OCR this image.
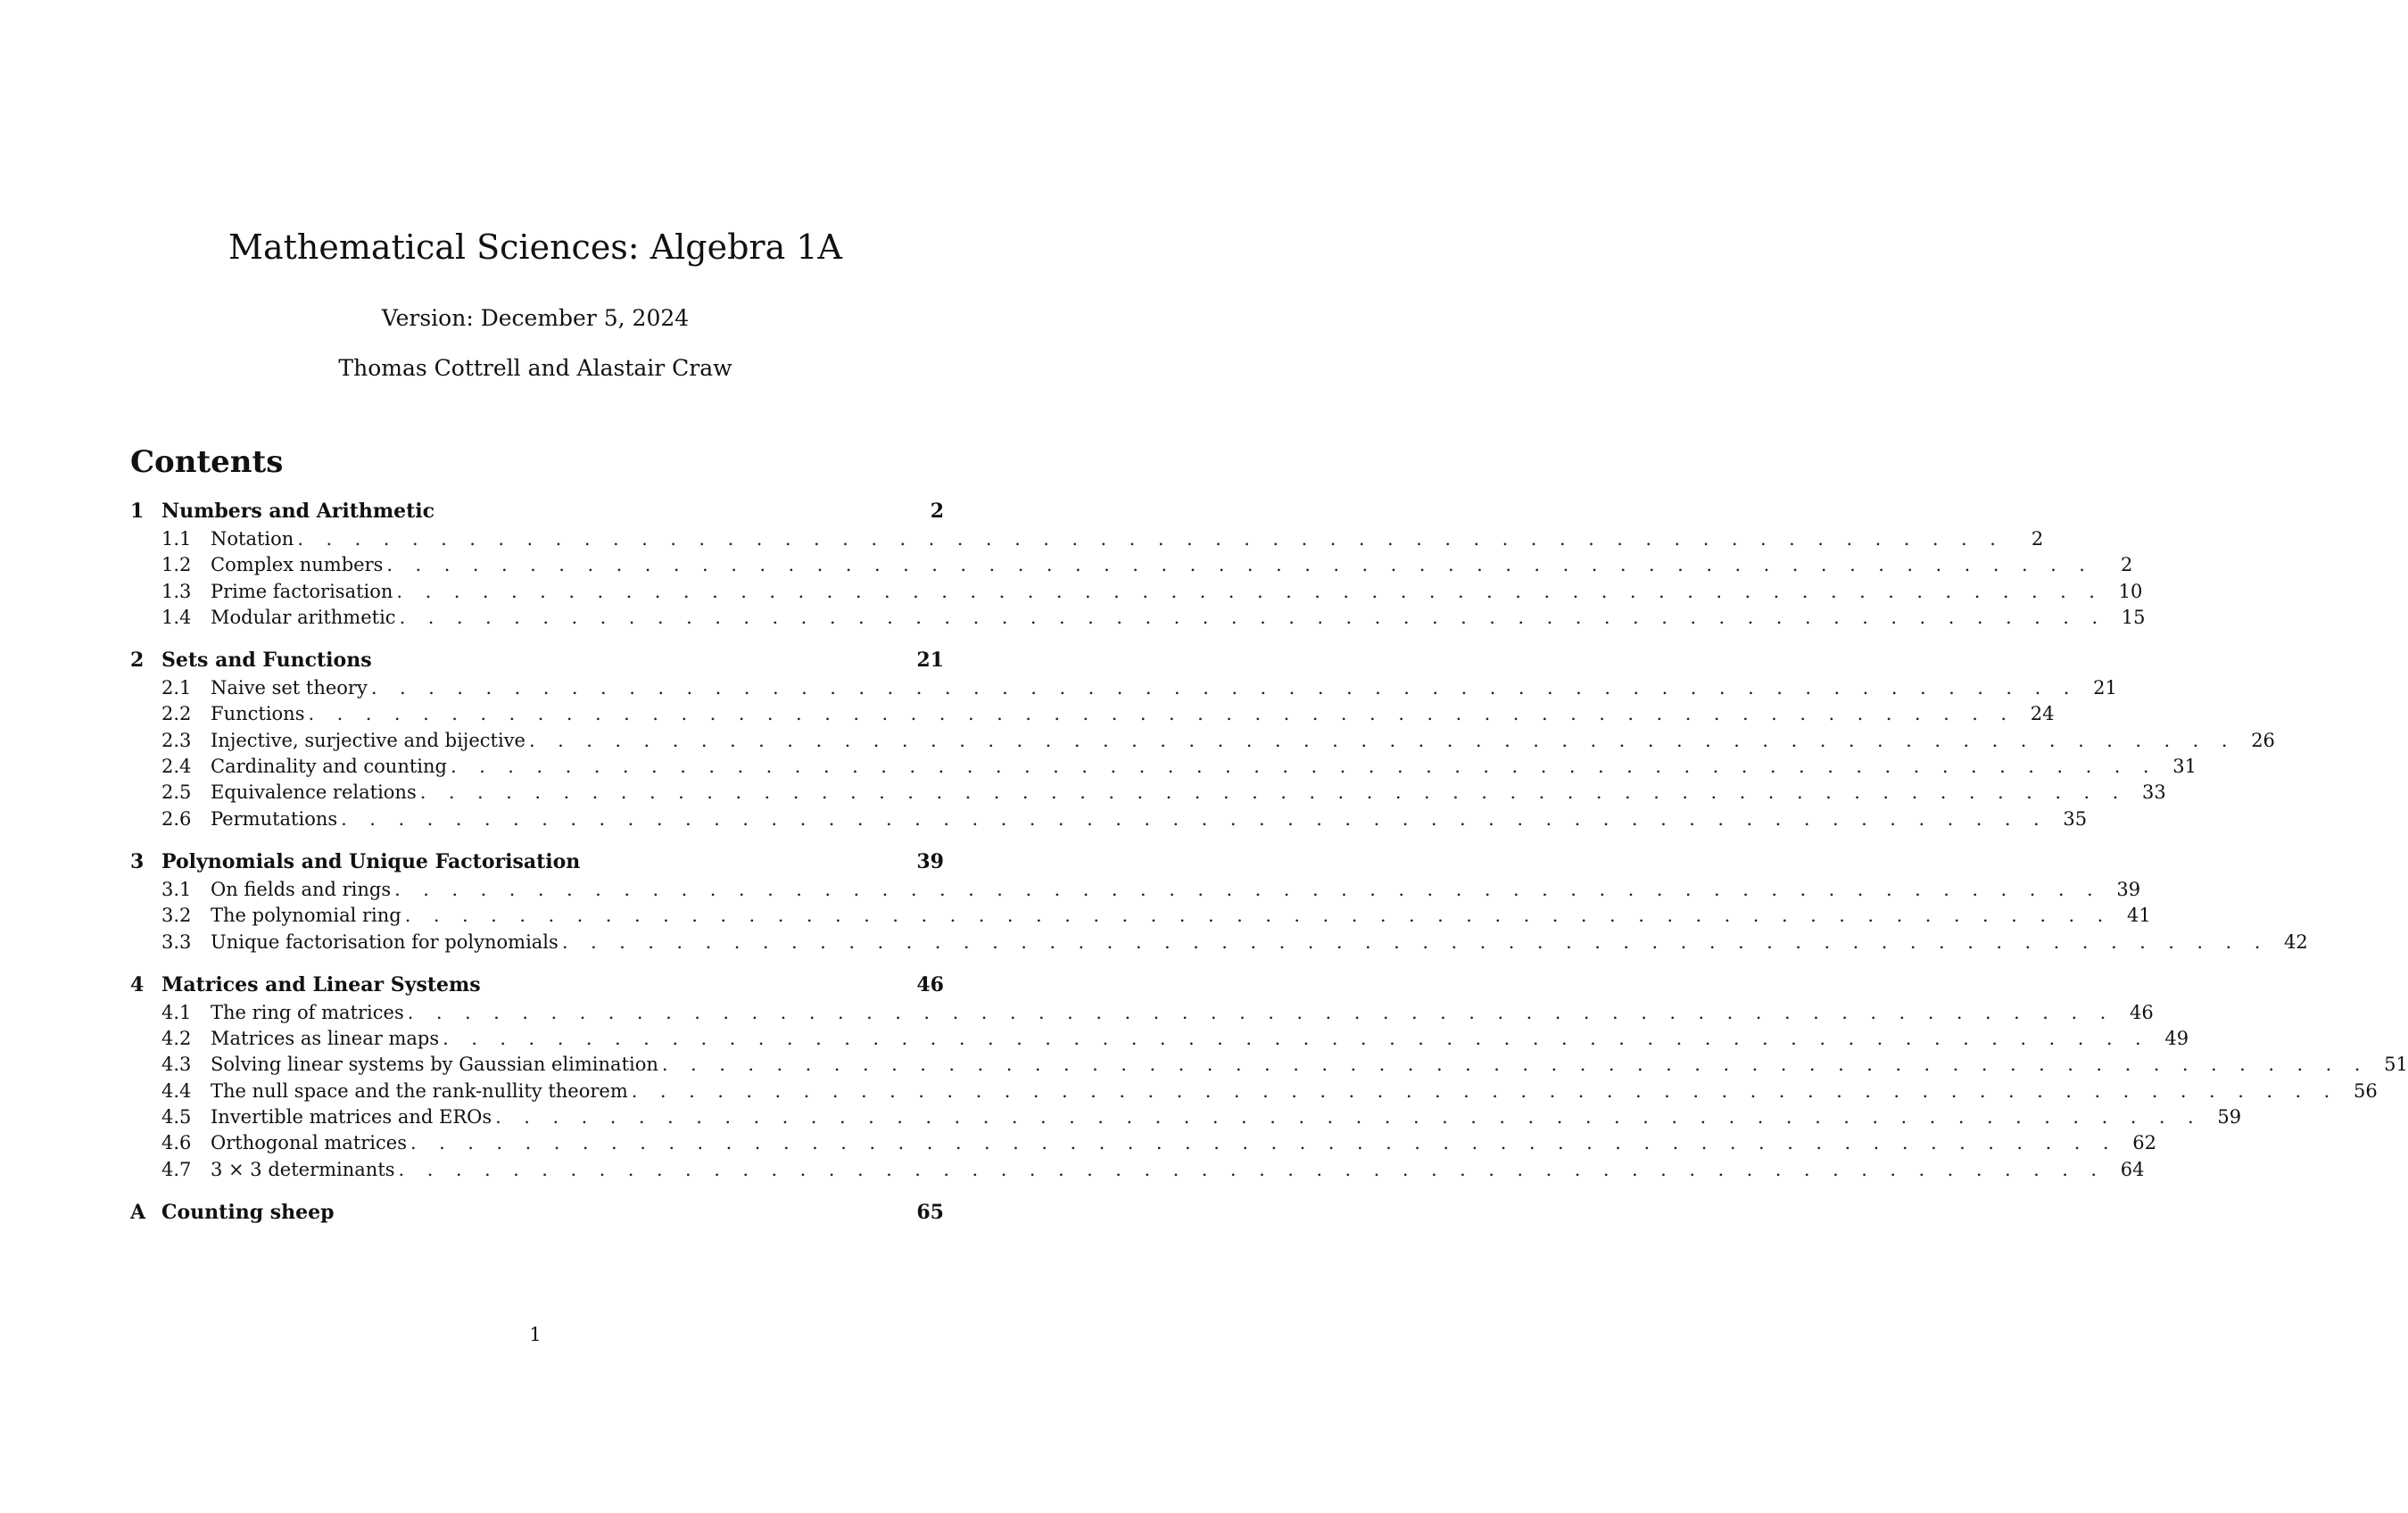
Mathematical Sciences: Algebra 1A
Version: December 5, 2024
Thomas Cottrell and Alastair Craw
Contents
1 Numbers and Arithmetic	2
1.1	Notation . . . . . . . . . . . . . . . . . . . . . . . . . . . . . . . . . . . . . . . . . . . . . . . . . . . . . . . . . . . .	2
1.2	Complex numbers . . . . . . . . . . . . . . . . . . . . . . . . . . . . . . . . . . . . . . . . . . . . . . . . . . . . . . . . . . . .	2
1.3	Prime factorisation . . . . . . . . . . . . . . . . . . . . . . . . . . . . . . . . . . . . . . . . . . . . . . . . . . . . . . . . . . . . 10
1.4	Modular arithmetic . . . . . . . . . . . . . . . . . . . . . . . . . . . . . . . . . . . . . . . . . . . . . . . . . . . . . . . . . . . . 15
2 Sets and Functions	21
2.1	Naive set theory . . . . . . . . . . . . . . . . . . . . . . . . . . . . . . . . . . . . . . . . . . . . . . . . . . . . . . . . . . . . 21
2.2	Functions . . . . . . . . . . . . . . . . . . . . . . . . . . . . . . . . . . . . . . . . . . . . . . . . . . . . . . . . . . . . 24
2.3	Injective, surjective and bijective . . . . . . . . . . . . . . . . . . . . . . . . . . . . . . . . . . . . . . . . . . . . . . . . . . . . . . . . . . . . 26
2.4	Cardinality and counting . . . . . . . . . . . . . . . . . . . . . . . . . . . . . . . . . . . . . . . . . . . . . . . . . . . . . . . . . . . . 31
2.5	Equivalence relations . . . . . . . . . . . . . . . . . . . . . . . . . . . . . . . . . . . . . . . . . . . . . . . . . . . . . . . . . . . . 33
2.6	Permutations . . . . . . . . . . . . . . . . . . . . . . . . . . . . . . . . . . . . . . . . . . . . . . . . . . . . . . . . . . . . 35
3 Polynomials and Unique Factorisation	39
3.1	On fields and rings . . . . . . . . . . . . . . . . . . . . . . . . . . . . . . . . . . . . . . . . . . . . . . . . . . . . . . . . . . . . 39
3.2	The polynomial ring . . . . . . . . . . . . . . . . . . . . . . . . . . . . . . . . . . . . . . . . . . . . . . . . . . . . . . . . . . . . 41
3.3	Unique factorisation for polynomials . . . . . . . . . . . . . . . . . . . . . . . . . . . . . . . . . . . . . . . . . . . . . . . . . . . . . . . . . . . . 42
4 Matrices and Linear Systems	46
4.1	The ring of matrices . . . . . . . . . . . . . . . . . . . . . . . . . . . . . . . . . . . . . . . . . . . . . . . . . . . . . . . . . . . . 46
4.2	Matrices as linear maps . . . . . . . . . . . . . . . . . . . . . . . . . . . . . . . . . . . . . . . . . . . . . . . . . . . . . . . . . . . . 49
4.3	Solving linear systems by Gaussian elimination . . . . . . . . . . . . . . . . . . . . . . . . . . . . . . . . . . . . . . . . . . . . . . . . . . . . . . . . . . . . 51
4.4	The null space and the rank-nullity theorem . . . . . . . . . . . . . . . . . . . . . . . . . . . . . . . . . . . . . . . . . . . . . . . . . . . . . . . . . . . . 56
4.5	Invertible matrices and EROs . . . . . . . . . . . . . . . . . . . . . . . . . . . . . . . . . . . . . . . . . . . . . . . . . . . . . . . . . . . . 59
4.6	Orthogonal matrices . . . . . . . . . . . . . . . . . . . . . . . . . . . . . . . . . . . . . . . . . . . . . . . . . . . . . . . . . . . . 62
4.7	3 × 3 determinants . . . . . . . . . . . . . . . . . . . . . . . . . . . . . . . . . . . . . . . . . . . . . . . . . . . . . . . . . . . . 64
A Counting sheep	65
1
